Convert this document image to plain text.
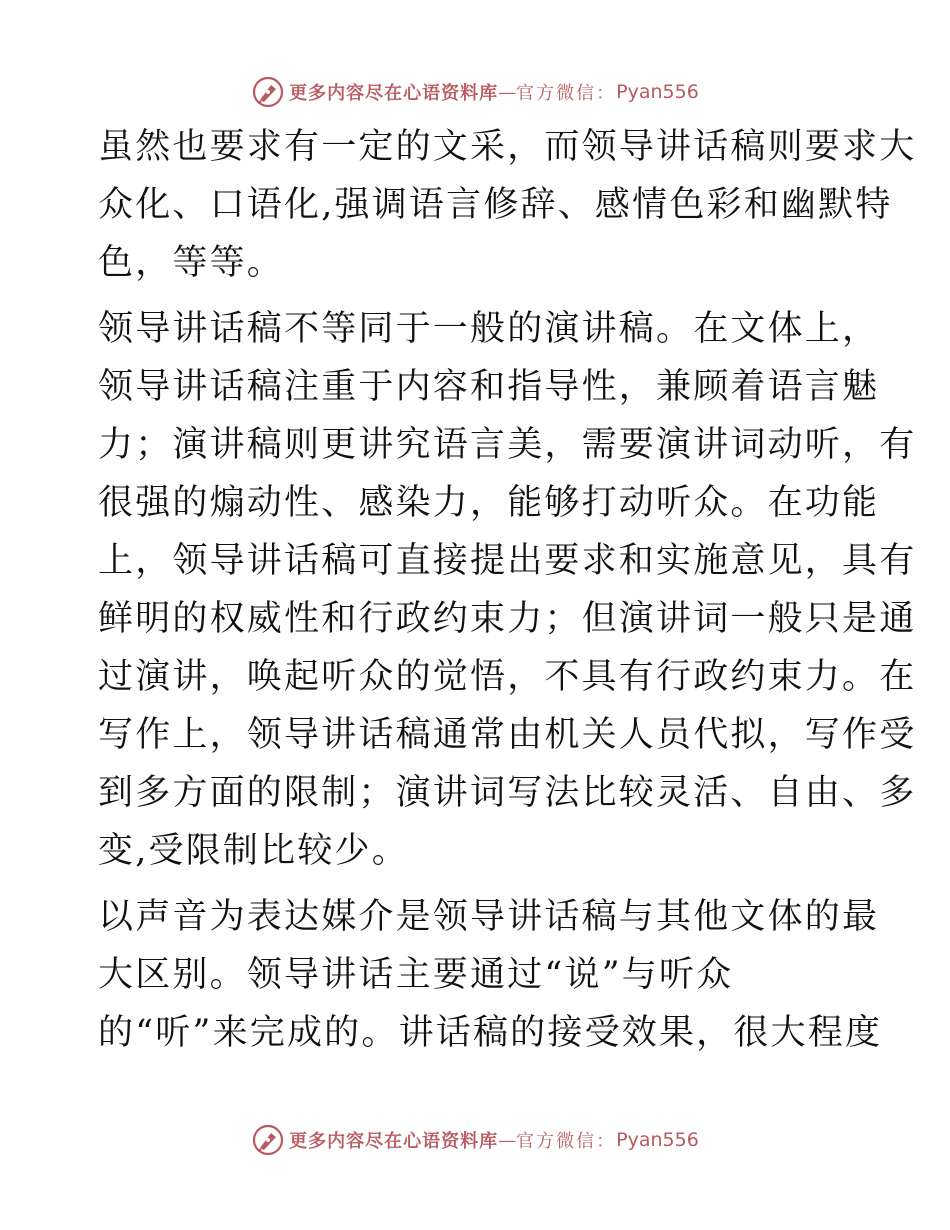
更多内容尽在心语资料库 — 官方微信： Pyan556
虽然也要求有一定的文采，而领导讲话稿则要求大
众化、口语化,强调语言修辞、感情色彩和幽默特
色，等等。
领导讲话稿不等同于一般的演讲稿。在文体上，
领导讲话稿注重于内容和指导性，兼顾着语言魅
力；演讲稿则更讲究语言美，需要演讲词动听，有
很强的煽动性、感染力，能够打动听众。在功能
上，领导讲话稿可直接提出要求和实施意见，具有
鲜明的权威性和行政约束力；但演讲词一般只是通
过演讲，唤起听众的觉悟，不具有行政约束力。在
写作上，领导讲话稿通常由机关人员代拟，写作受
到多方面的限制；演讲词写法比较灵活、自由、多
变,受限制比较少。
以声音为表达媒介是领导讲话稿与其他文体的最
大区别。领导讲话主要通过“说”与听众
的“听”来完成的。讲话稿的接受效果，很大程度
更多内容尽在心语资料库 — 官方微信： Pyan556
